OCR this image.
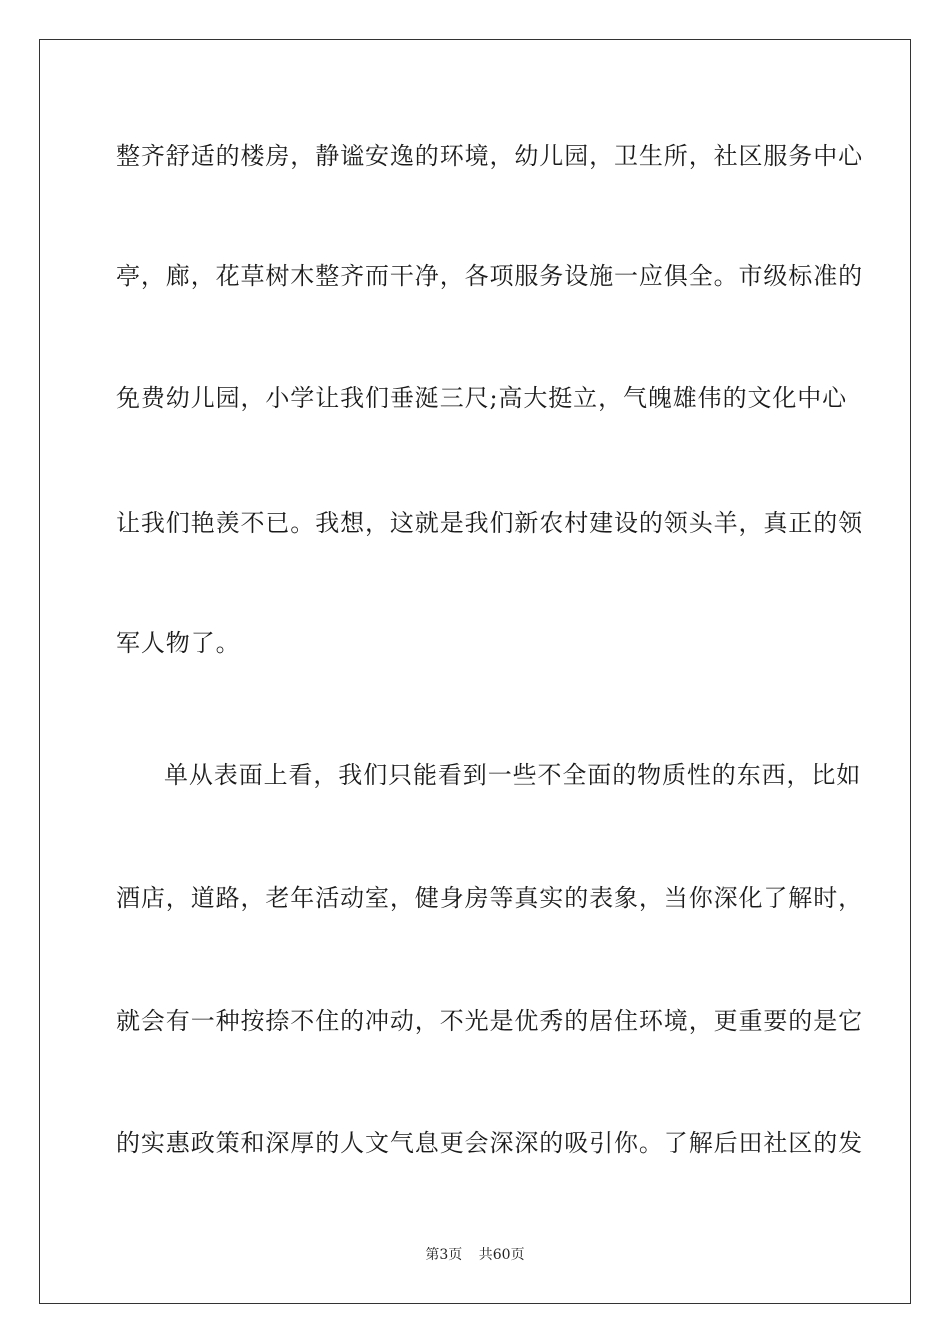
整齐舒适的楼房，静谧安逸的环境，幼儿园，卫生所，社区服务中心
亭，廊，花草树木整齐而干净，各项服务设施一应俱全。市级标准的
免费幼儿园，小学让我们垂涎三尺;高大挺立，气魄雄伟的文化中心
让我们艳羡不已。我想，这就是我们新农村建设的领头羊，真正的领
军人物了。
单从表面上看，我们只能看到一些不全面的物质性的东西，比如
酒店，道路，老年活动室，健身房等真实的表象，当你深化了解时，
就会有一种按捺不住的冲动，不光是优秀的居住环境，更重要的是它
的实惠政策和深厚的人文气息更会深深的吸引你。了解后田社区的发
第3页 共60页
